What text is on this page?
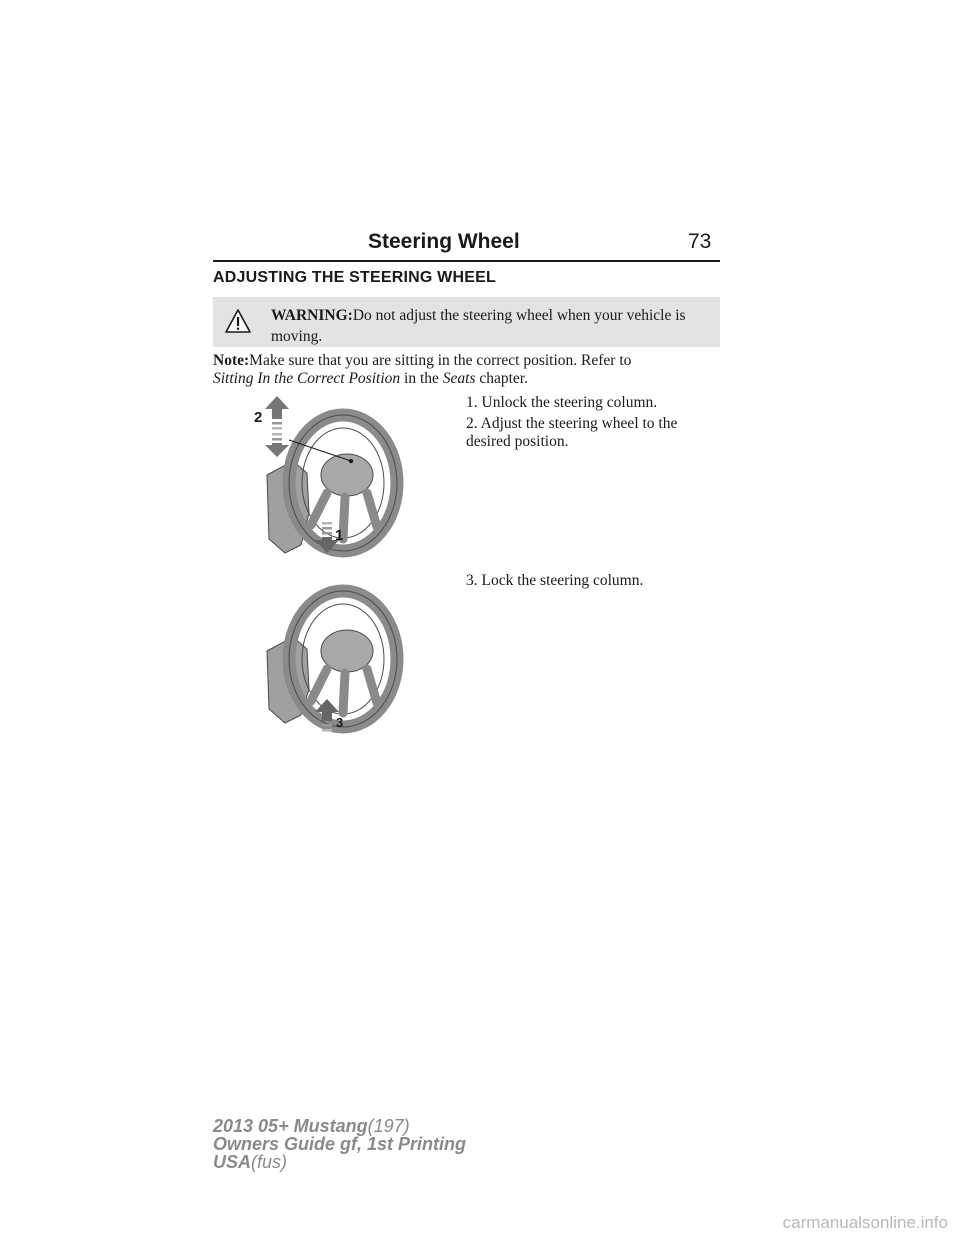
Steering Wheel	73
ADJUSTING THE STEERING WHEEL
WARNING:Do not adjust the steering wheel when your vehicle is moving.
Note:Make sure that you are sitting in the correct position. Refer to
Sitting In the Correct Position in the Seats chapter.
1. Unlock the steering column.
2. Adjust the steering wheel to the desired position.
3. Lock the steering column.
2
1
3
2013 05+ Mustang(197)
Owners Guide gf, 1st Printing
USA(fus)
carmanualsonline.info
